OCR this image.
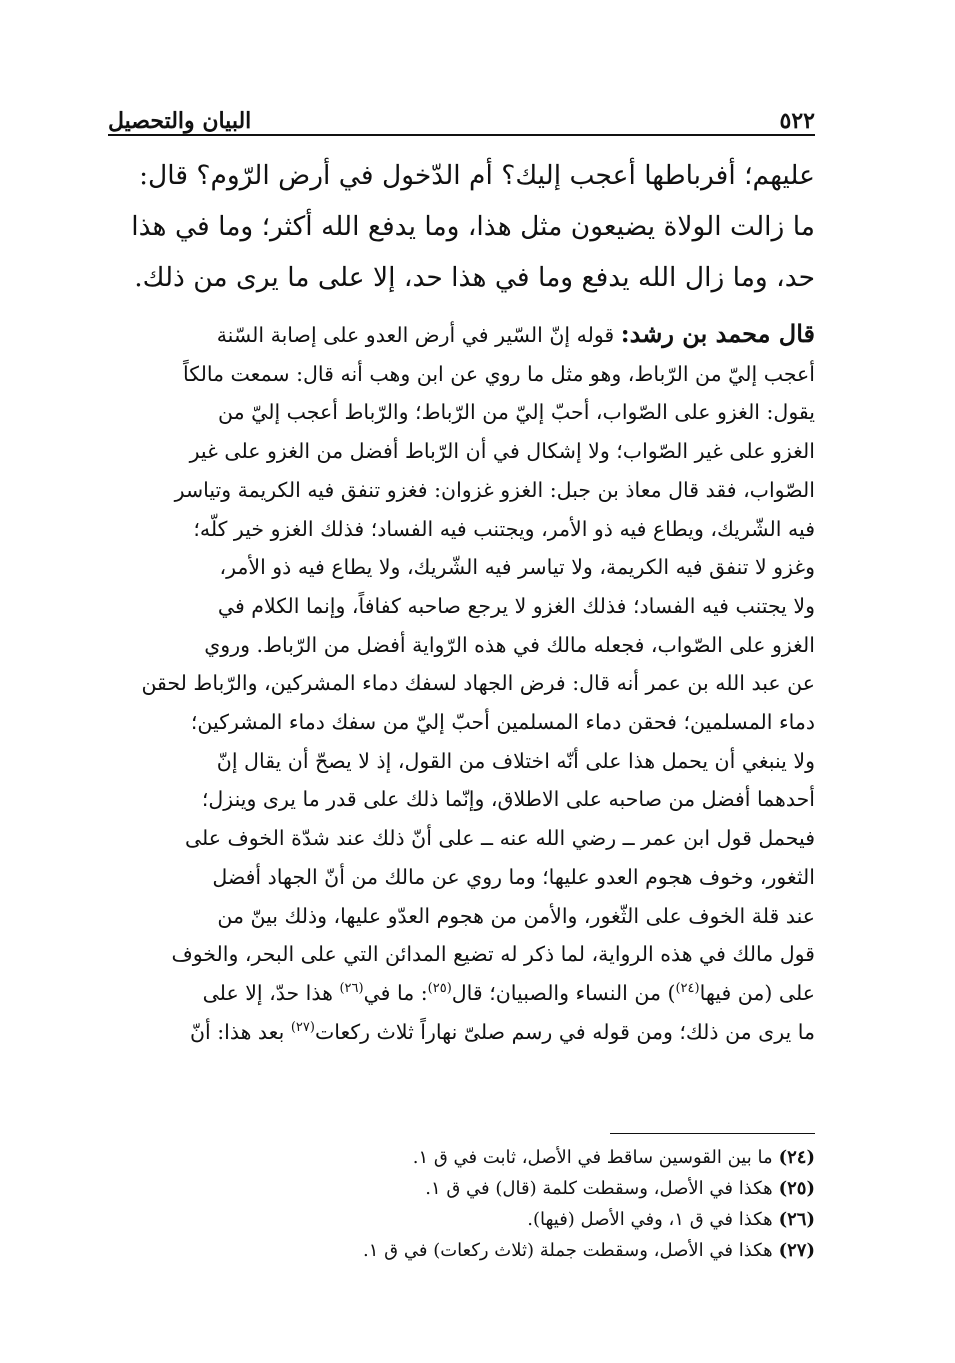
٥٢٢
البيان والتحصيل

عليهم؛ أفرباطها أعجب إليك؟ أم الدّخول في أرض الرّوم؟ قال:

ما زالت الولاة يضيعون مثل هذا، وما يدفع الله أكثر؛ وما في هذا

حد، وما زال الله يدفع وما في هذا حد، إلا على ما يرى من ذلك.

قال محمد بن رشد: قوله إنّ السّير في أرض العدو على إصابة السّنة

أعجب إليّ من الرّباط، وهو مثل ما روي عن ابن وهب أنه قال: سمعت مالكاً

يقول: الغزو على الصّواب، أحبّ إليّ من الرّباط؛ والرّباط أعجب إليّ من

الغزو على غير الصّواب؛ ولا إشكال في أن الرّباط أفضل من الغزو على غير

الصّواب، فقد قال معاذ بن جبل: الغزو غزوان: فغزو تنفق فيه الكريمة وتياسر

فيه الشّريك، ويطاع فيه ذو الأمر، ويجتنب فيه الفساد؛ فذلك الغزو خير كلّه؛

وغزو لا تنفق فيه الكريمة، ولا تياسر فيه الشّريك، ولا يطاع فيه ذو الأمر،

ولا يجتنب فيه الفساد؛ فذلك الغزو لا يرجع صاحبه كفافاً، وإنما الكلام في

الغزو على الصّواب، فجعله مالك في هذه الرّواية أفضل من الرّباط. وروي

عن عبد الله بن عمر أنه قال: فرض الجهاد لسفك دماء المشركين، والرّباط لحقن

دماء المسلمين؛ فحقن دماء المسلمين أحبّ إليّ من سفك دماء المشركين؛

ولا ينبغي أن يحمل هذا على أنّه اختلاف من القول، إذ لا يصحّ أن يقال إنّ

أحدهما أفضل من صاحبه على الاطلاق، وإنّما ذلك على قدر ما يرى وينزل؛

فيحمل قول ابن عمر ــ رضي الله عنه ــ على أنّ ذلك عند شدّة الخوف على

الثغور، وخوف هجوم العدو عليها؛ وما روي عن مالك من أنّ الجهاد أفضل

عند قلة الخوف على الثّغور، والأمن من هجوم العدّو عليها، وذلك بينّ من

قول مالك في هذه الرواية، لما ذكر له تضيع المدائن التي على البحر، والخوف

على (من فيها$^{(٢٤)}$) من النساء والصبيان؛ قال$^{(٢٥)}$: ما في$^{(٢٦)}$ هذا حدّ، إلا على

ما يرى من ذلك؛ ومن قوله في رسم صلىّ نهاراً ثلاث ركعات$^{(٢٧)}$ بعد هذا: أنّ

(٢٤)ما بين القوسين ساقط في الأصل، ثابت في ق ١.

(٢٥)هكذا في الأصل، وسقطت كلمة (قال) في ق ١.

(٢٦)هكذا في ق ١، وفي الأصل (فيها).

(٢٧)هكذا في الأصل، وسقطت جملة (ثلاث ركعات) في ق ١.
